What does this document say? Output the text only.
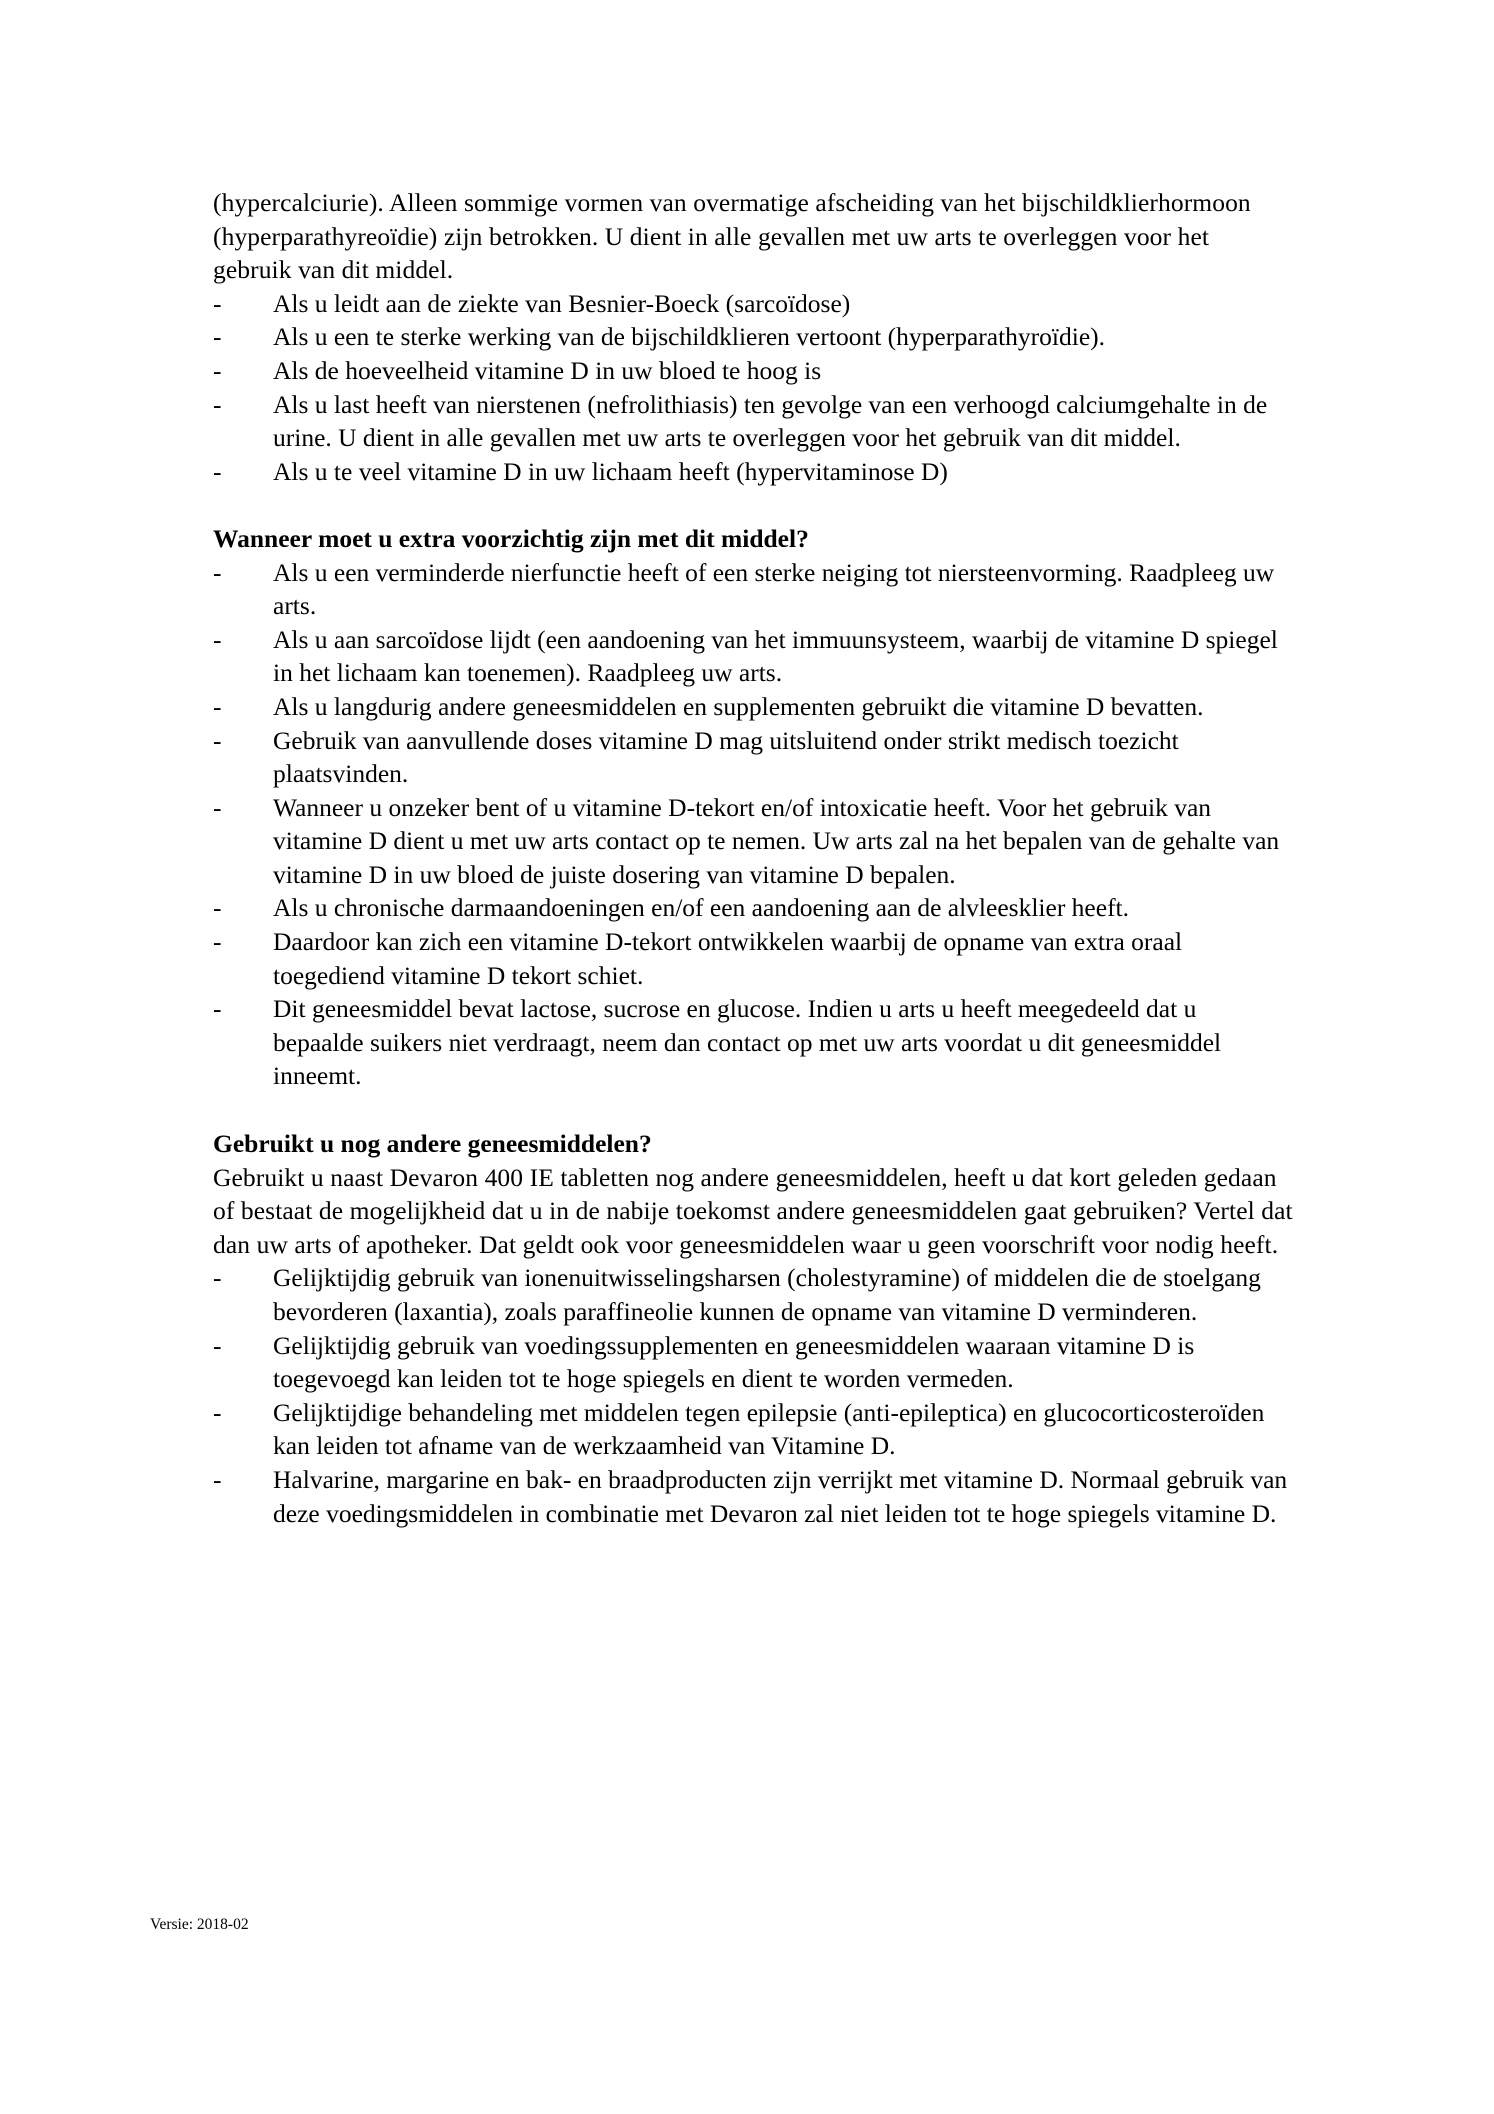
(hypercalciurie). Alleen sommige vormen van overmatige afscheiding van het bijschildklierhormoon (hyperparathyreoïdie) zijn betrokken. U dient in alle gevallen met uw arts te overleggen voor het gebruik van dit middel.

-	Als u leidt aan de ziekte van Besnier-Boeck (sarcoïdose)
-	Als u een te sterke werking van de bijschildklieren vertoont (hyperparathyroïdie).
-	Als de hoeveelheid vitamine D in uw bloed te hoog is
-	Als u last heeft van nierstenen (nefrolithiasis) ten gevolge van een verhoogd calciumgehalte in de urine. U dient in alle gevallen met uw arts te overleggen voor het gebruik van dit middel.
-	Als u te veel vitamine D in uw lichaam heeft (hypervitaminose D)

Wanneer moet u extra voorzichtig zijn met dit middel?

-	Als u een verminderde nierfunctie heeft of een sterke neiging tot niersteenvorming. Raadpleeg uw arts.
-	Als u aan sarcoïdose lijdt (een aandoening van het immuunsysteem, waarbij de vitamine D spiegel in het lichaam kan toenemen). Raadpleeg uw arts.
-	Als u langdurig andere geneesmiddelen en supplementen gebruikt die vitamine D bevatten.
-	Gebruik van aanvullende doses vitamine D mag uitsluitend onder strikt medisch toezicht plaatsvinden.
-	Wanneer u onzeker bent of u vitamine D-tekort en/of intoxicatie heeft. Voor het gebruik van vitamine D dient u met uw arts contact op te nemen. Uw arts zal na het bepalen van de gehalte van vitamine D in uw bloed de juiste dosering van vitamine D bepalen.
-	Als u chronische darmaandoeningen en/of een aandoening aan de alvleesklier heeft.
-	Daardoor kan zich een vitamine D-tekort ontwikkelen waarbij de opname van extra oraal toegediend vitamine D tekort schiet.
-	Dit geneesmiddel bevat lactose, sucrose en glucose. Indien u arts u heeft meegedeeld dat u bepaalde suikers niet verdraagt, neem dan contact op met uw arts voordat u dit geneesmiddel inneemt.

Gebruikt u nog andere geneesmiddelen?

Gebruikt u naast Devaron 400 IE tabletten nog andere geneesmiddelen, heeft u dat kort geleden gedaan of bestaat de mogelijkheid dat u in de nabije toekomst andere geneesmiddelen gaat gebruiken? Vertel dat dan uw arts of apotheker. Dat geldt ook voor geneesmiddelen waar u geen voorschrift voor nodig heeft.

-	Gelijktijdig gebruik van ionenuitwisselingsharsen (cholestyramine) of middelen die de stoelgang bevorderen (laxantia), zoals paraffineolie kunnen de opname van vitamine D verminderen.
-	Gelijktijdig gebruik van voedingssupplementen en geneesmiddelen waaraan vitamine D is toegevoegd kan leiden tot te hoge spiegels en dient te worden vermeden.
-	Gelijktijdige behandeling met middelen tegen epilepsie (anti-epileptica) en glucocorticosteroïden kan leiden tot afname van de werkzaamheid van Vitamine D.
-	Halvarine, margarine en bak- en braadproducten zijn verrijkt met vitamine D. Normaal gebruik van deze voedingsmiddelen in combinatie met Devaron zal niet leiden tot te hoge spiegels vitamine D.
Versie: 2018-02
